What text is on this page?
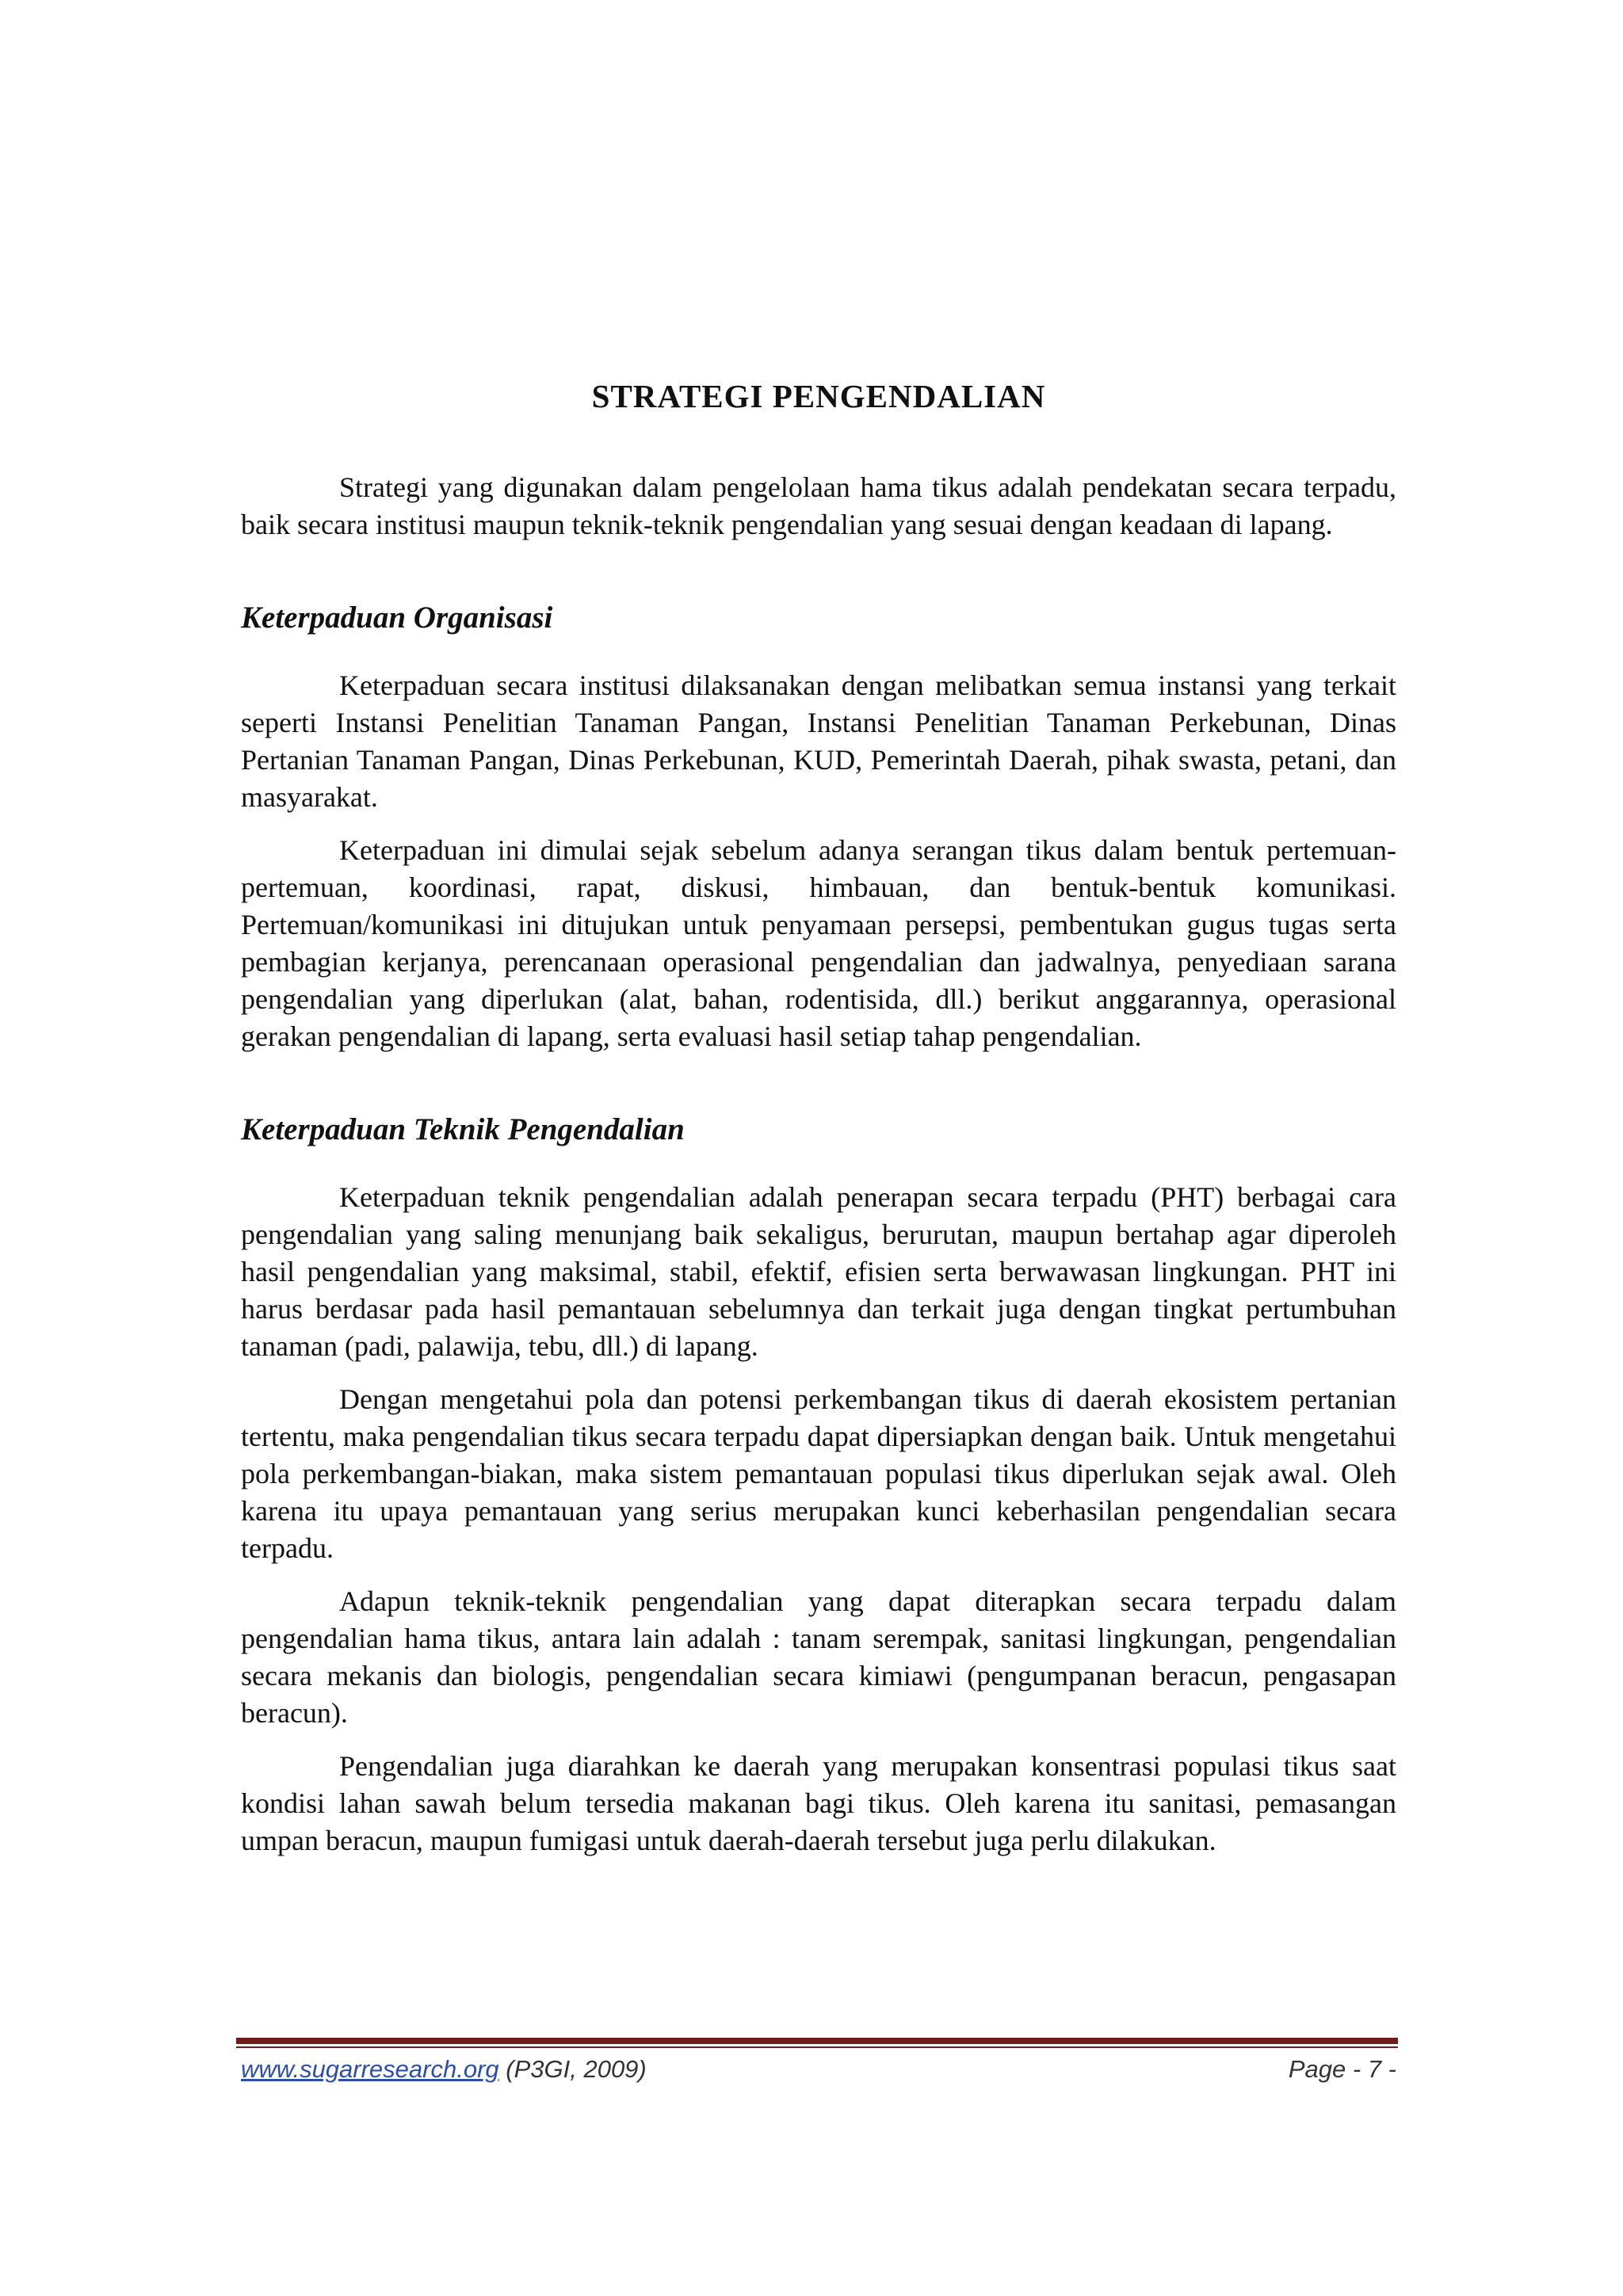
STRATEGI PENGENDALIAN

Strategi yang digunakan dalam pengelolaan hama tikus adalah pendekatan secara terpadu, baik secara institusi maupun teknik-teknik pengendalian yang sesuai dengan keadaan di lapang.

Keterpaduan Organisasi

Keterpaduan secara institusi dilaksanakan dengan melibatkan semua instansi yang terkait seperti Instansi Penelitian Tanaman Pangan, Instansi Penelitian Tanaman Perkebunan, Dinas Pertanian Tanaman Pangan, Dinas Perkebunan, KUD, Pemerintah Daerah, pihak swasta, petani, dan masyarakat.

Keterpaduan ini dimulai sejak sebelum adanya serangan tikus dalam bentuk pertemuan-pertemuan, koordinasi, rapat, diskusi, himbauan, dan bentuk-bentuk komunikasi. Pertemuan/komunikasi ini ditujukan untuk penyamaan persepsi, pembentukan gugus tugas serta pembagian kerjanya, perencanaan operasional pengendalian dan jadwalnya, penyediaan sarana pengendalian yang diperlukan (alat, bahan, rodentisida, dll.) berikut anggarannya, operasional gerakan pengendalian di lapang, serta evaluasi hasil setiap tahap pengendalian.

Keterpaduan Teknik Pengendalian

Keterpaduan teknik pengendalian adalah penerapan secara terpadu (PHT) berbagai cara pengendalian yang saling menunjang baik sekaligus, berurutan, maupun bertahap agar diperoleh hasil pengendalian yang maksimal, stabil, efektif, efisien serta berwawasan lingkungan. PHT ini harus berdasar pada hasil pemantauan sebelumnya dan terkait juga dengan tingkat pertumbuhan tanaman (padi, palawija, tebu, dll.) di lapang.

Dengan mengetahui pola dan potensi perkembangan tikus di daerah ekosistem pertanian tertentu, maka pengendalian tikus secara terpadu dapat dipersiapkan dengan baik. Untuk mengetahui pola perkembangan-biakan, maka sistem pemantauan populasi tikus diperlukan sejak awal. Oleh karena itu upaya pemantauan yang serius merupakan kunci keberhasilan pengendalian secara terpadu.

Adapun teknik-teknik pengendalian yang dapat diterapkan secara terpadu dalam pengendalian hama tikus, antara lain adalah : tanam serempak, sanitasi lingkungan, pengendalian secara mekanis dan biologis, pengendalian secara kimiawi (pengumpanan beracun, pengasapan beracun).

Pengendalian juga diarahkan ke daerah yang merupakan konsentrasi populasi tikus saat kondisi lahan sawah belum tersedia makanan bagi tikus. Oleh karena itu sanitasi, pemasangan umpan beracun, maupun fumigasi untuk daerah-daerah tersebut juga perlu dilakukan.

www.sugarresearch.org (P3GI, 2009)	Page - 7 -
